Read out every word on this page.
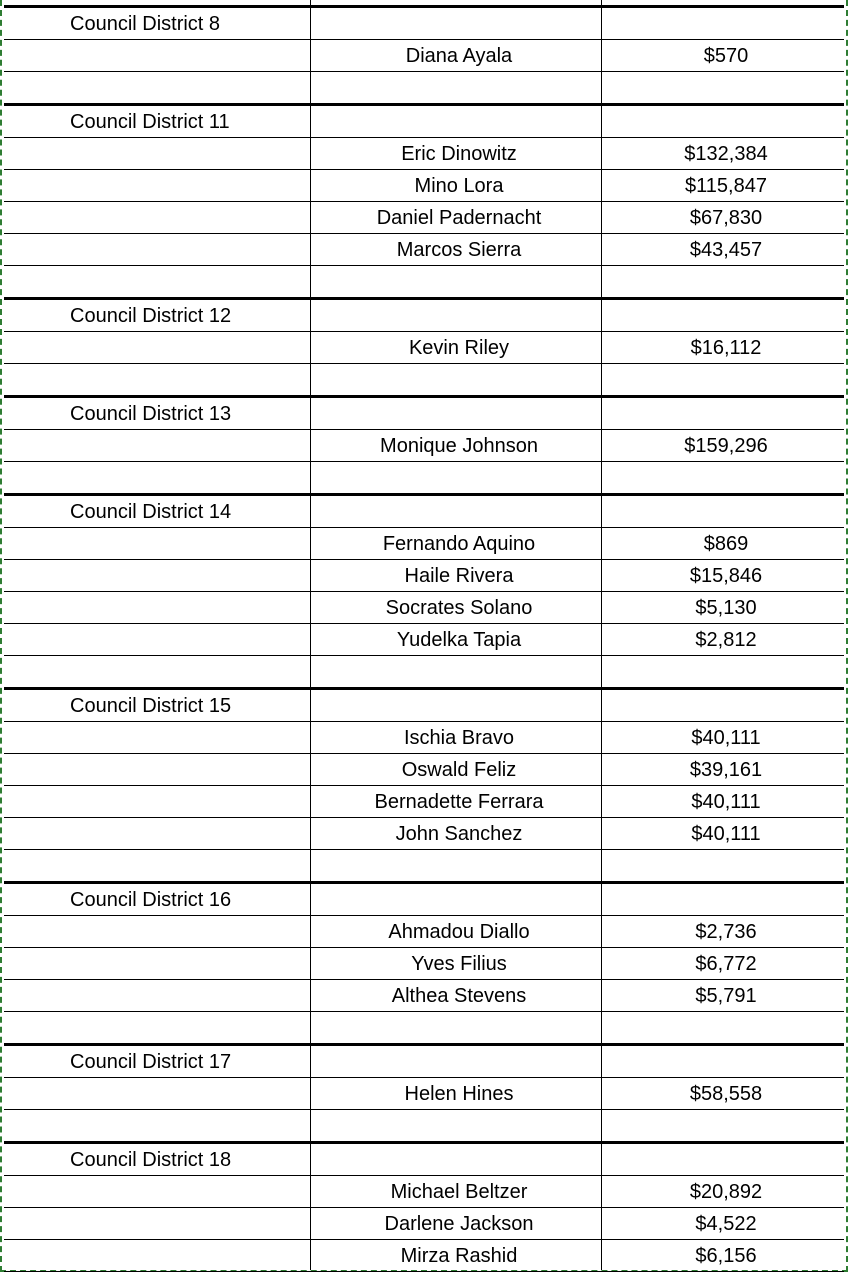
Council District 8
Diana Ayala	$570
Council District 11
Eric Dinowitz	$132,384
Mino Lora	$115,847
Daniel Padernacht	$67,830
Marcos Sierra	$43,457
Council District 12
Kevin Riley	$16,112
Council District 13
Monique Johnson	$159,296
Council District 14
Fernando Aquino	$869
Haile Rivera	$15,846
Socrates Solano	$5,130
Yudelka Tapia	$2,812
Council District 15
Ischia Bravo	$40,111
Oswald Feliz	$39,161
Bernadette Ferrara	$40,111
John Sanchez	$40,111
Council District 16
Ahmadou Diallo	$2,736
Yves Filius	$6,772
Althea Stevens	$5,791
Council District 17
Helen Hines	$58,558
Council District 18
Michael Beltzer	$20,892
Darlene Jackson	$4,522
Mirza Rashid	$6,156
